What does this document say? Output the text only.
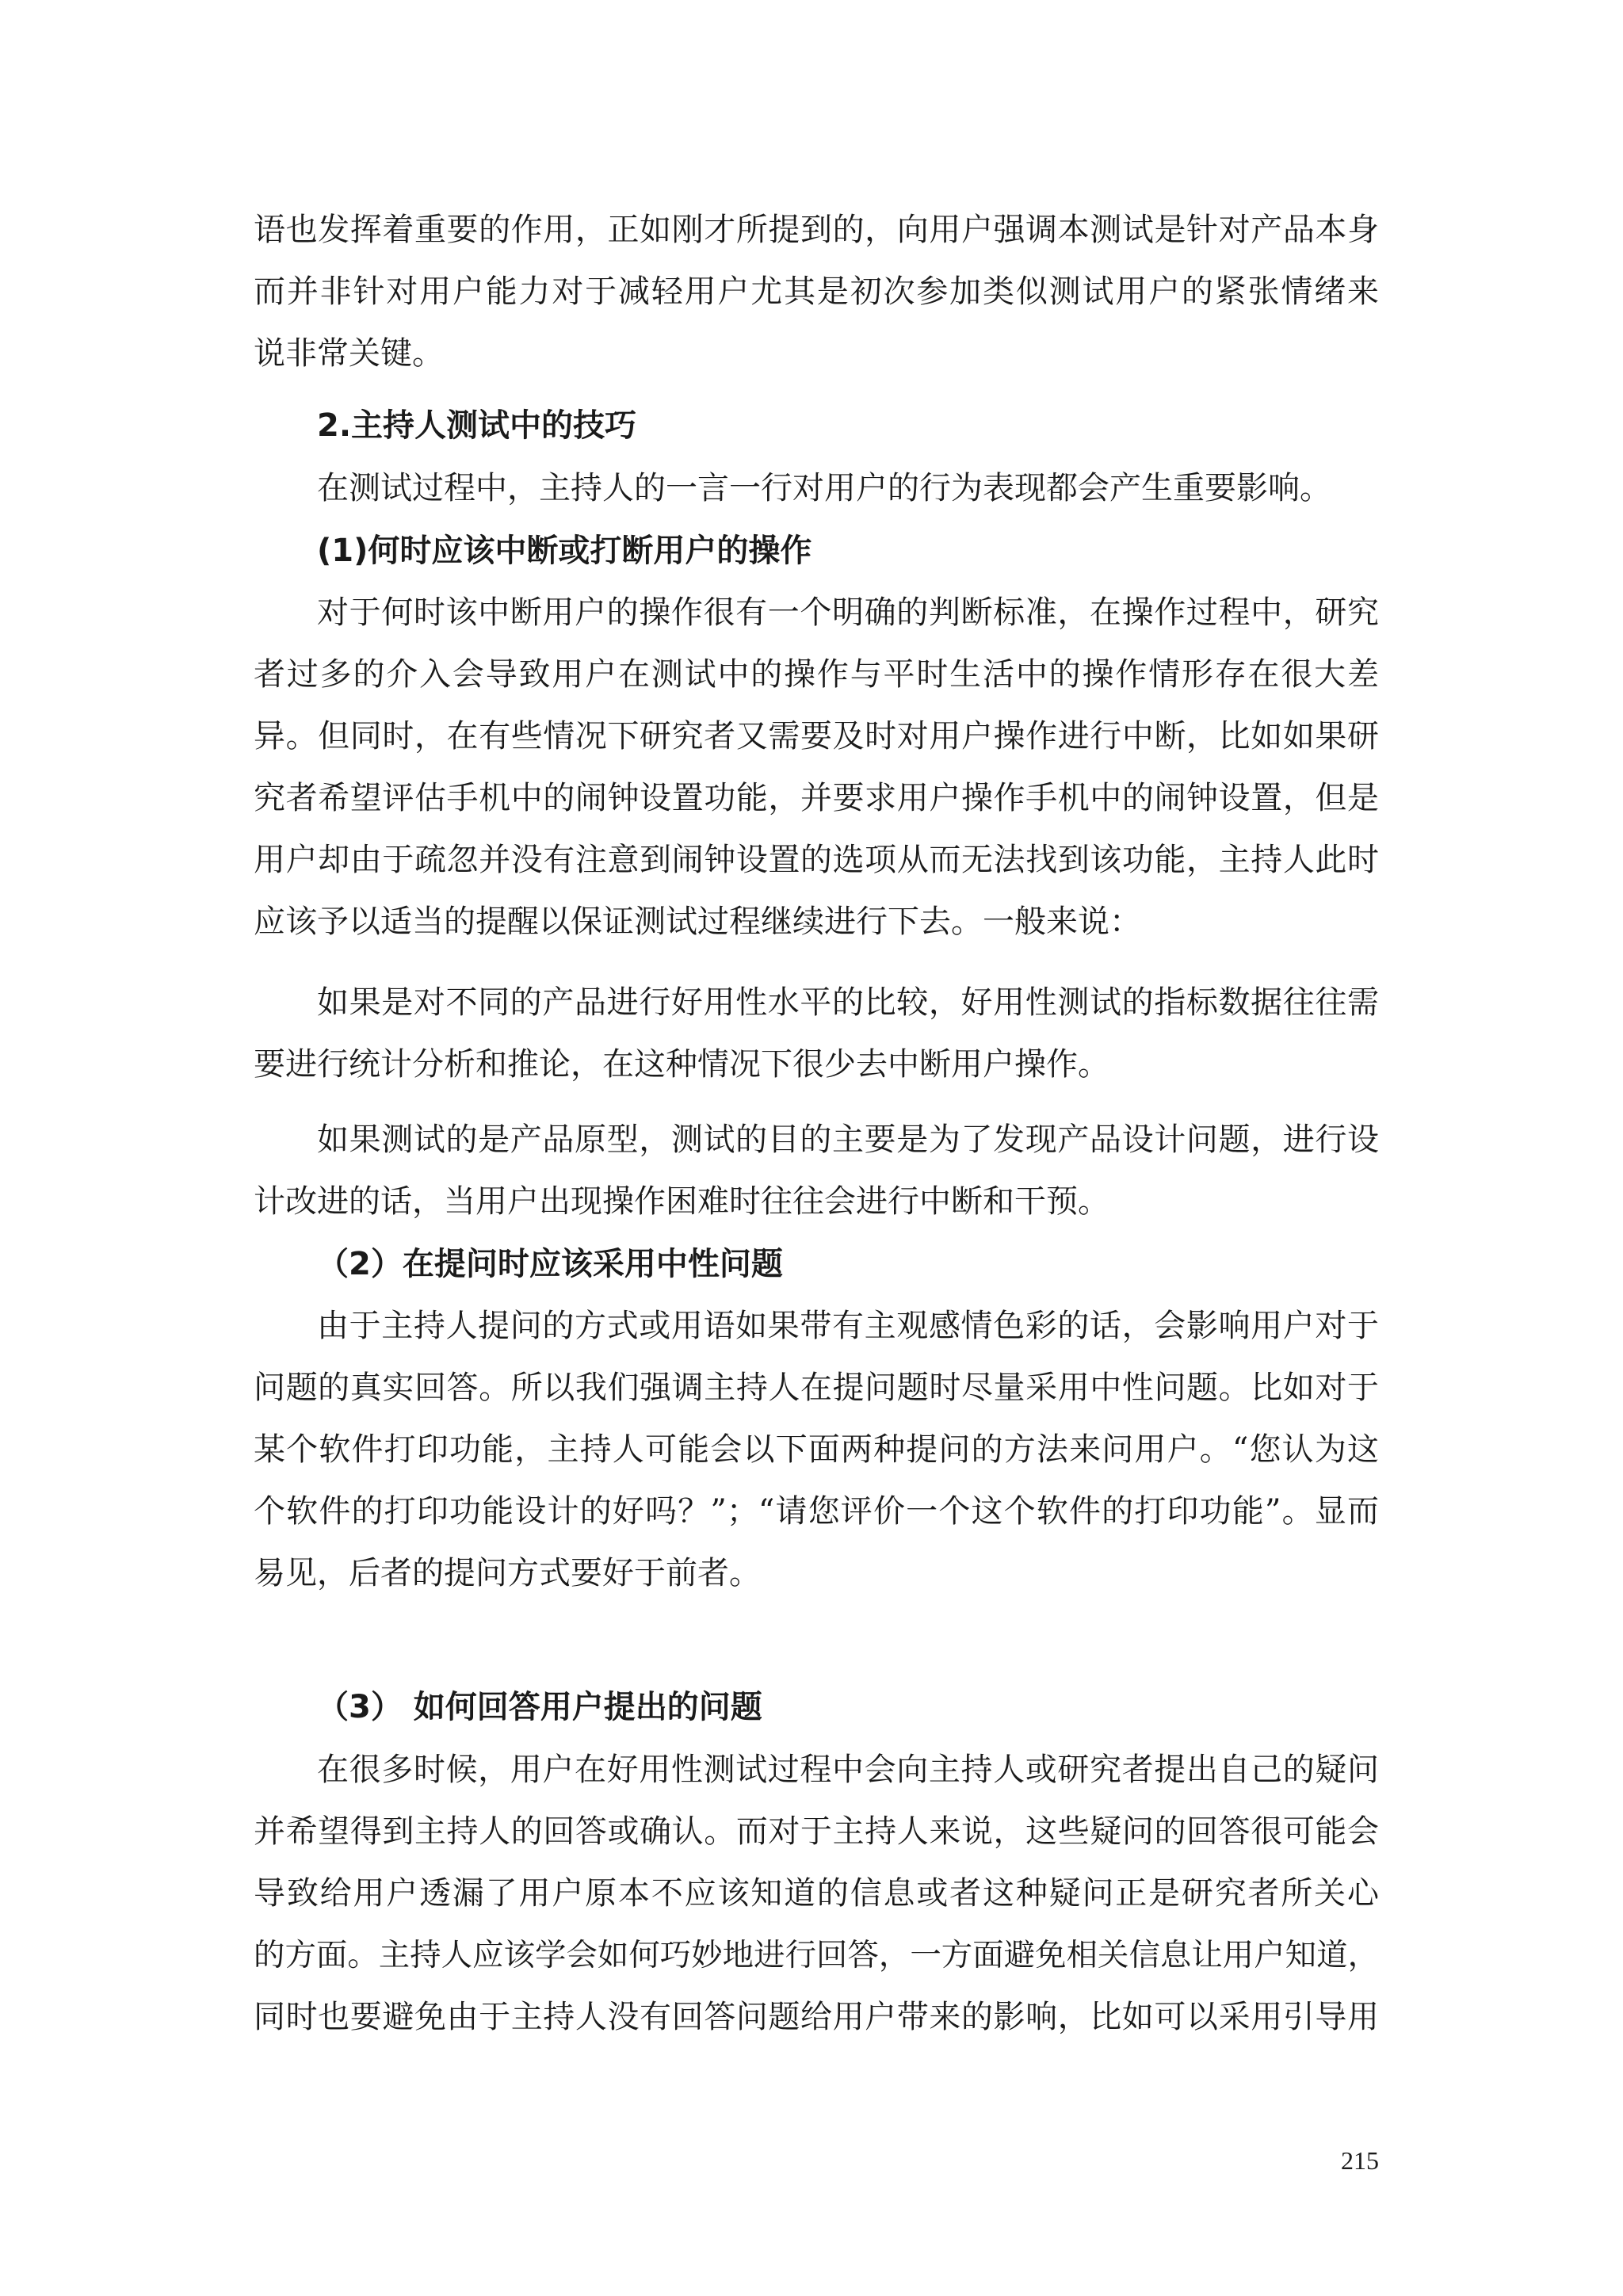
语也发挥着重要的作用，正如刚才所提到的，向用户强调本测试是针对产品本身
而并非针对用户能力对于减轻用户尤其是初次参加类似测试用户的紧张情绪来
说非常关键。
2.主持人测试中的技巧
在测试过程中，主持人的一言一行对用户的行为表现都会产生重要影响。
(1)何时应该中断或打断用户的操作
对于何时该中断用户的操作很有一个明确的判断标准，在操作过程中，研究
者过多的介入会导致用户在测试中的操作与平时生活中的操作情形存在很大差
异。但同时，在有些情况下研究者又需要及时对用户操作进行中断，比如如果研
究者希望评估手机中的闹钟设置功能，并要求用户操作手机中的闹钟设置，但是
用户却由于疏忽并没有注意到闹钟设置的选项从而无法找到该功能，主持人此时
应该予以适当的提醒以保证测试过程继续进行下去。一般来说：
如果是对不同的产品进行好用性水平的比较，好用性测试的指标数据往往需
要进行统计分析和推论，在这种情况下很少去中断用户操作。
如果测试的是产品原型，测试的目的主要是为了发现产品设计问题，进行设
计改进的话，当用户出现操作困难时往往会进行中断和干预。
（2）在提问时应该采用中性问题
由于主持人提问的方式或用语如果带有主观感情色彩的话，会影响用户对于
问题的真实回答。所以我们强调主持人在提问题时尽量采用中性问题。比如对于
某个软件打印功能，主持人可能会以下面两种提问的方法来问用户。“您认为这
个软件的打印功能设计的好吗？”；“请您评价一个这个软件的打印功能”。显而
易见，后者的提问方式要好于前者。
（3） 如何回答用户提出的问题
在很多时候，用户在好用性测试过程中会向主持人或研究者提出自己的疑问
并希望得到主持人的回答或确认。而对于主持人来说，这些疑问的回答很可能会
导致给用户透漏了用户原本不应该知道的信息或者这种疑问正是研究者所关心
的方面。主持人应该学会如何巧妙地进行回答，一方面避免相关信息让用户知道，
同时也要避免由于主持人没有回答问题给用户带来的影响，比如可以采用引导用
215
